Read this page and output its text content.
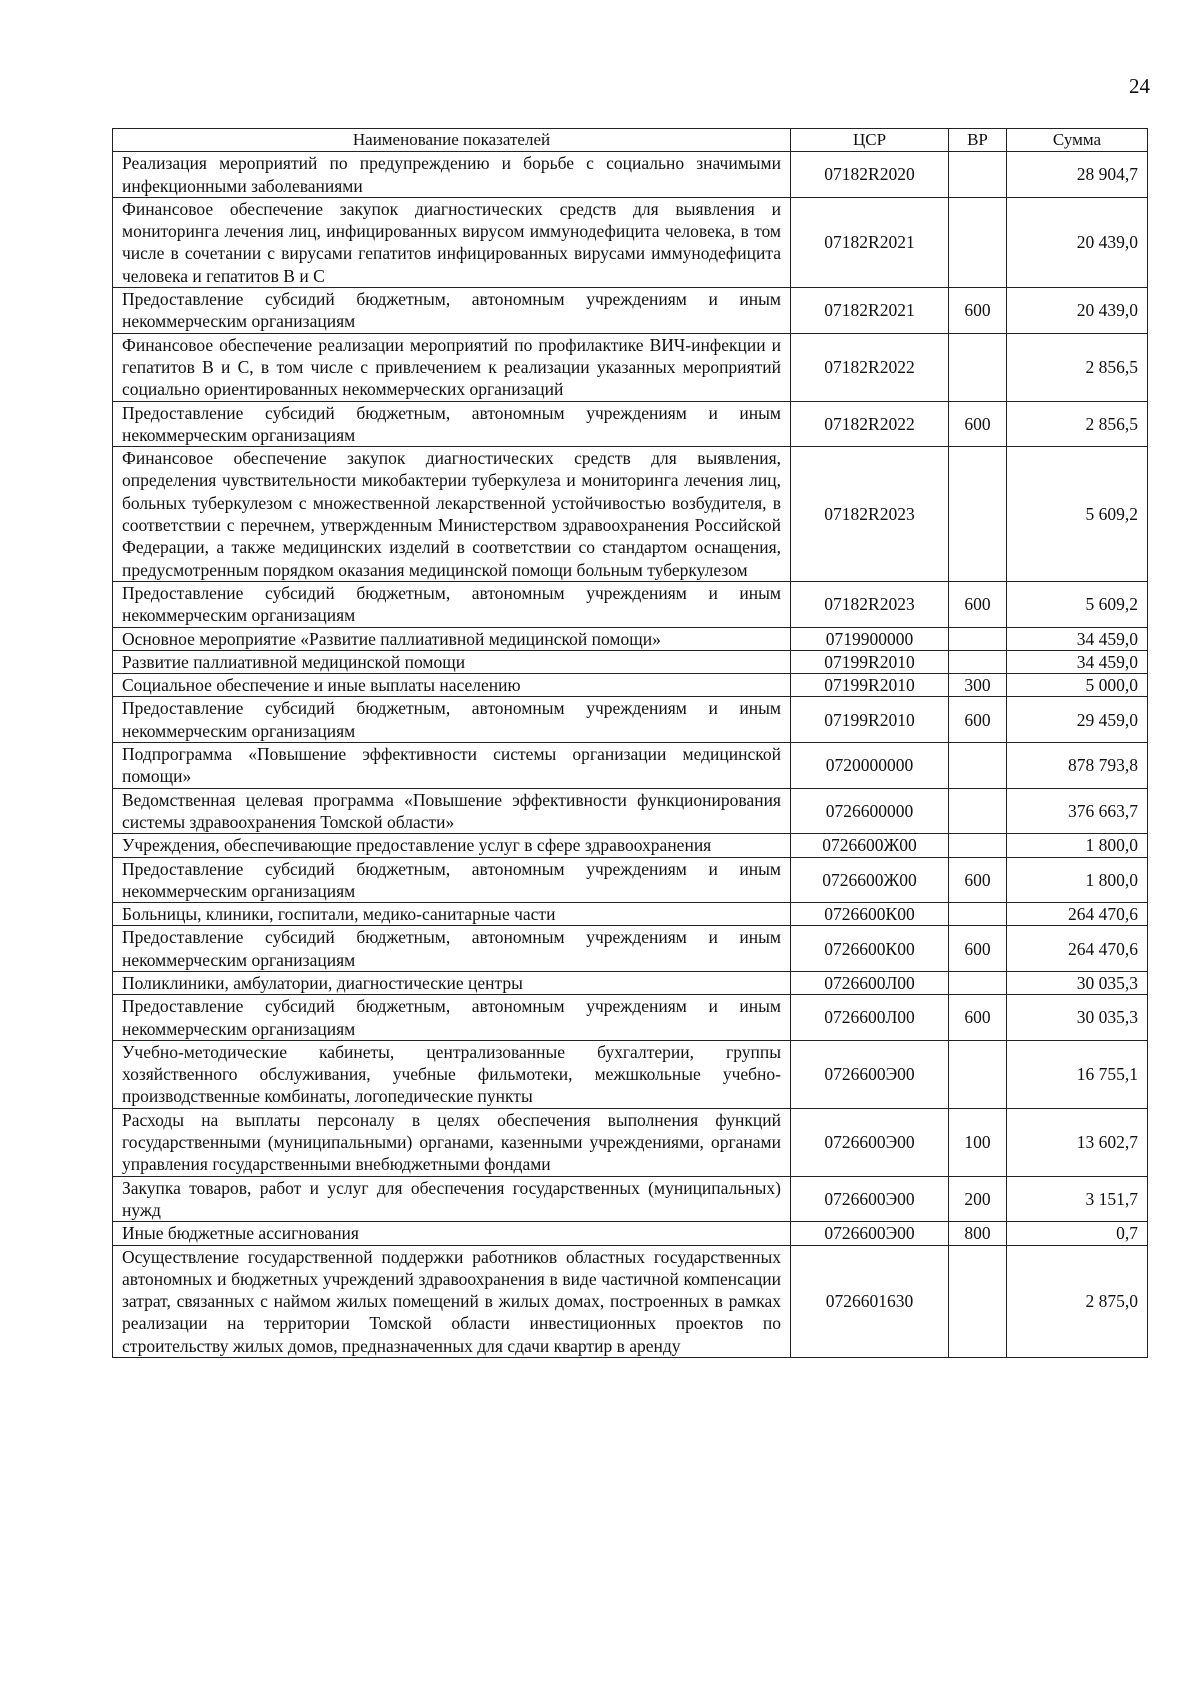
24
Наименование показателей	ЦСР	ВР	Сумма
Реализация мероприятий по предупреждению и борьбе с социально значимыми инфекционными заболеваниями	07182R2020		28 904,7
Финансовое обеспечение закупок диагностических средств для выявления и мониторинга лечения лиц, инфицированных вирусом иммунодефицита человека, в том числе в сочетании с вирусами гепатитов инфицированных вирусами иммунодефицита человека и гепатитов В и С	07182R2021		20 439,0
Предоставление субсидий бюджетным, автономным учреждениям и иным некоммерческим организациям	07182R2021	600	20 439,0
Финансовое обеспечение реализации мероприятий по профилактике ВИЧ-инфекции и гепатитов В и С, в том числе с привлечением к реализации указанных мероприятий социально ориентированных некоммерческих организаций	07182R2022		2 856,5
Предоставление субсидий бюджетным, автономным учреждениям и иным некоммерческим организациям	07182R2022	600	2 856,5
Финансовое обеспечение закупок диагностических средств для выявления, определения чувствительности микобактерии туберкулеза и мониторинга лечения лиц, больных туберкулезом с множественной лекарственной устойчивостью возбудителя, в соответствии с перечнем, утвержденным Министерством здравоохранения Российской Федерации, а также медицинских изделий в соответствии со стандартом оснащения, предусмотренным порядком оказания медицинской помощи больным туберкулезом	07182R2023		5 609,2
Предоставление субсидий бюджетным, автономным учреждениям и иным некоммерческим организациям	07182R2023	600	5 609,2
Основное мероприятие «Развитие паллиативной медицинской помощи»	0719900000		34 459,0
Развитие паллиативной медицинской помощи	07199R2010		34 459,0
Социальное обеспечение и иные выплаты населению	07199R2010	300	5 000,0
Предоставление субсидий бюджетным, автономным учреждениям и иным некоммерческим организациям	07199R2010	600	29 459,0
Подпрограмма «Повышение эффективности системы организации медицинской помощи»	0720000000		878 793,8
Ведомственная целевая программа «Повышение эффективности функционирования системы здравоохранения Томской области»	0726600000		376 663,7
Учреждения, обеспечивающие предоставление услуг в сфере здравоохранения	0726600Ж00		1 800,0
Предоставление субсидий бюджетным, автономным учреждениям и иным некоммерческим организациям	0726600Ж00	600	1 800,0
Больницы, клиники, госпитали, медико-санитарные части	0726600К00		264 470,6
Предоставление субсидий бюджетным, автономным учреждениям и иным некоммерческим организациям	0726600К00	600	264 470,6
Поликлиники, амбулатории, диагностические центры	0726600Л00		30 035,3
Предоставление субсидий бюджетным, автономным учреждениям и иным некоммерческим организациям	0726600Л00	600	30 035,3
Учебно-методические кабинеты, централизованные бухгалтерии, группы хозяйственного обслуживания, учебные фильмотеки, межшкольные учебно-производственные комбинаты, логопедические пункты	0726600Э00		16 755,1
Расходы на выплаты персоналу в целях обеспечения выполнения функций государственными (муниципальными) органами, казенными учреждениями, органами управления государственными внебюджетными фондами	0726600Э00	100	13 602,7
Закупка товаров, работ и услуг для обеспечения государственных (муниципальных) нужд	0726600Э00	200	3 151,7
Иные бюджетные ассигнования	0726600Э00	800	0,7
Осуществление государственной поддержки работников областных государственных автономных и бюджетных учреждений здравоохранения в виде частичной компенсации затрат, связанных с наймом жилых помещений в жилых домах, построенных в рамках реализации на территории Томской области инвестиционных проектов по строительству жилых домов, предназначенных для сдачи квартир в аренду	0726601630		2 875,0
